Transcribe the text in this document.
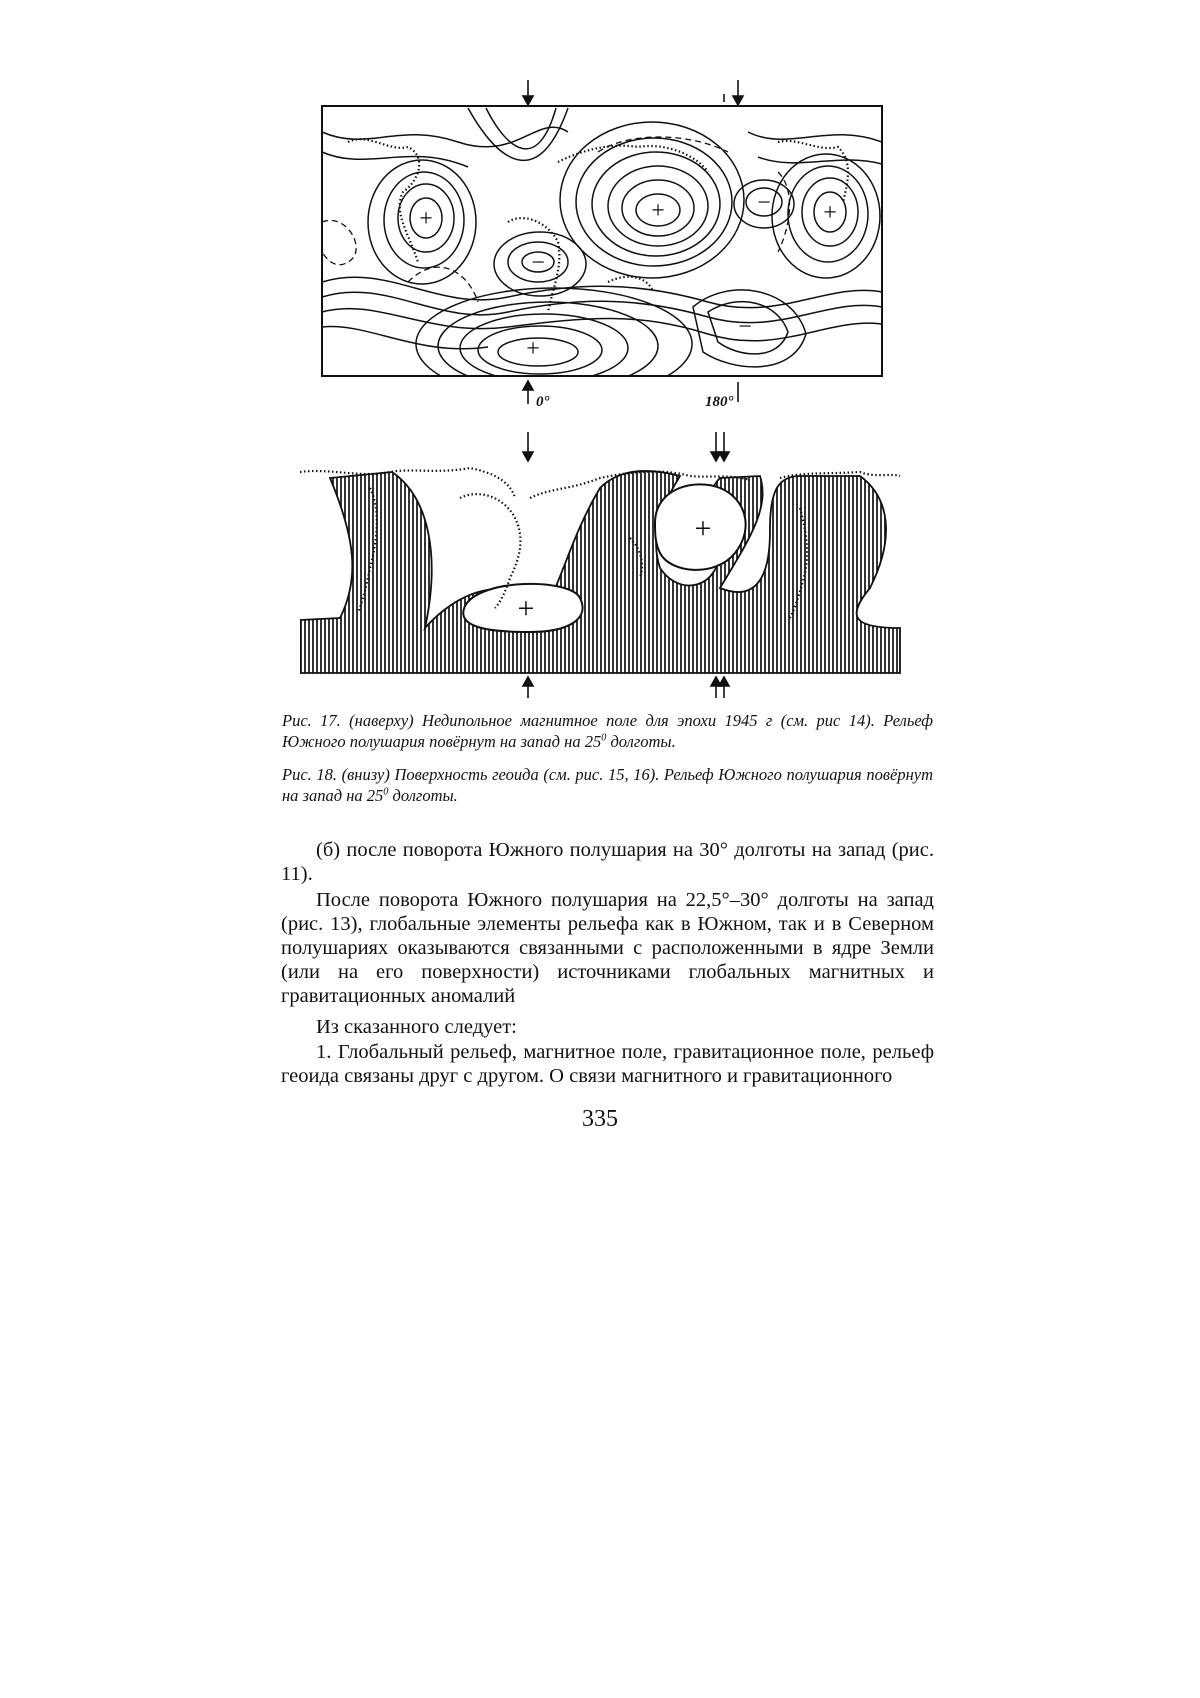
+	+
−
− +
+
−
0°	180°
+
+

Рис. 17. (наверху) Недипольное магнитное поле для эпохи 1945 г (см. рис 14). Рельеф Южного полушария повёрнут на запад на $25^0$ долготы.

Рис. 18. (внизу) Поверхность геоида (см. рис. 15, 16). Рельеф Южного полушария повёрнут на запад на $25^0$ долготы.

(б) после поворота Южного полушария на 30° долготы на запад (рис. 11).

После поворота Южного полушария на 22,5°–30° долготы на запад (рис. 13), глобальные элементы рельефа как в Южном, так и в Северном полушариях оказываются связанными с расположенными в ядре Земли (или на его поверхности) источниками глобальных магнитных и гравитационных аномалий

Из сказанного следует:

1. Глобальный рельеф, магнитное поле, гравитационное поле, рельеф геоида связаны друг с другом. О связи магнитного и гравитационного

335
